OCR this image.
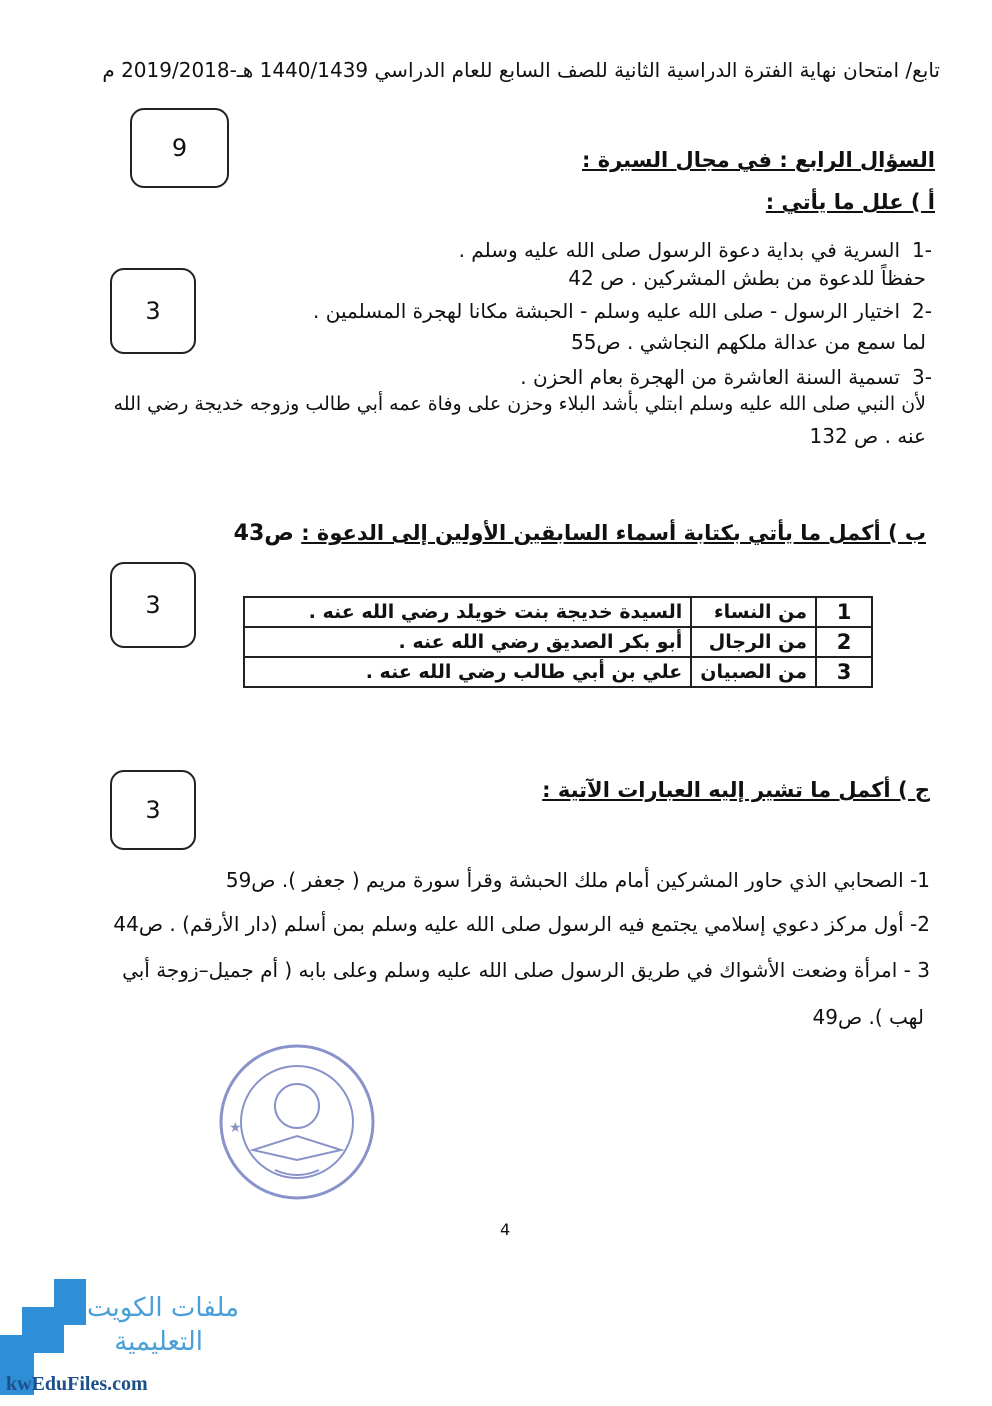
تابع/ امتحان نهاية الفترة الدراسية الثانية للصف السابع للعام الدراسي 1440/1439 هـ-2019/2018 م
9	السؤال الرابع : في مجال السيرة :
أ ) علل ما يأتي :
3
-1
السرية في بداية دعوة الرسول صلى الله عليه وسلم .
حفظاً للدعوة من بطش المشركين . ص 42
-2
اختيار الرسول - صلى الله عليه وسلم - الحبشة مكانا لهجرة المسلمين .
لما سمع من عدالة ملكهم النجاشي . ص55
-3
تسمية السنة العاشرة من الهجرة بعام الحزن .
لأن النبي صلى الله عليه وسلم ابتلي بأشد البلاء وحزن على وفاة عمه أبي طالب وزوجه خديجة رضي الله
عنه . ص 132
ب ) أكمل ما يأتي بكتابة أسماء السابقين الأولين إلى الدعوة : ص43
3	1	من النساء	السيدة خديجة بنت خويلد رضي الله عنه .
2	من الرجال	أبو بكر الصديق رضي الله عنه .
3	من الصبيان	علي بن أبي طالب رضي الله عنه .
3
ج ) أكمل ما تشير إليه العبارات الآتية :
1- الصحابي الذي حاور المشركين أمام ملك الحبشة وقرأ سورة مريم ( جعفر ). ص59
2- أول مركز دعوي إسلامي يجتمع فيه الرسول صلى الله عليه وسلم بمن أسلم (دار الأرقم) . ص44
3 - امرأة وضعت الأشواك في طريق الرسول صلى الله عليه وسلم وعلى بابه ( أم جميل–زوجة أبي
لهب ). ص49
★
4
ملفات الكويت
التعليمية
kwEduFiles.com
